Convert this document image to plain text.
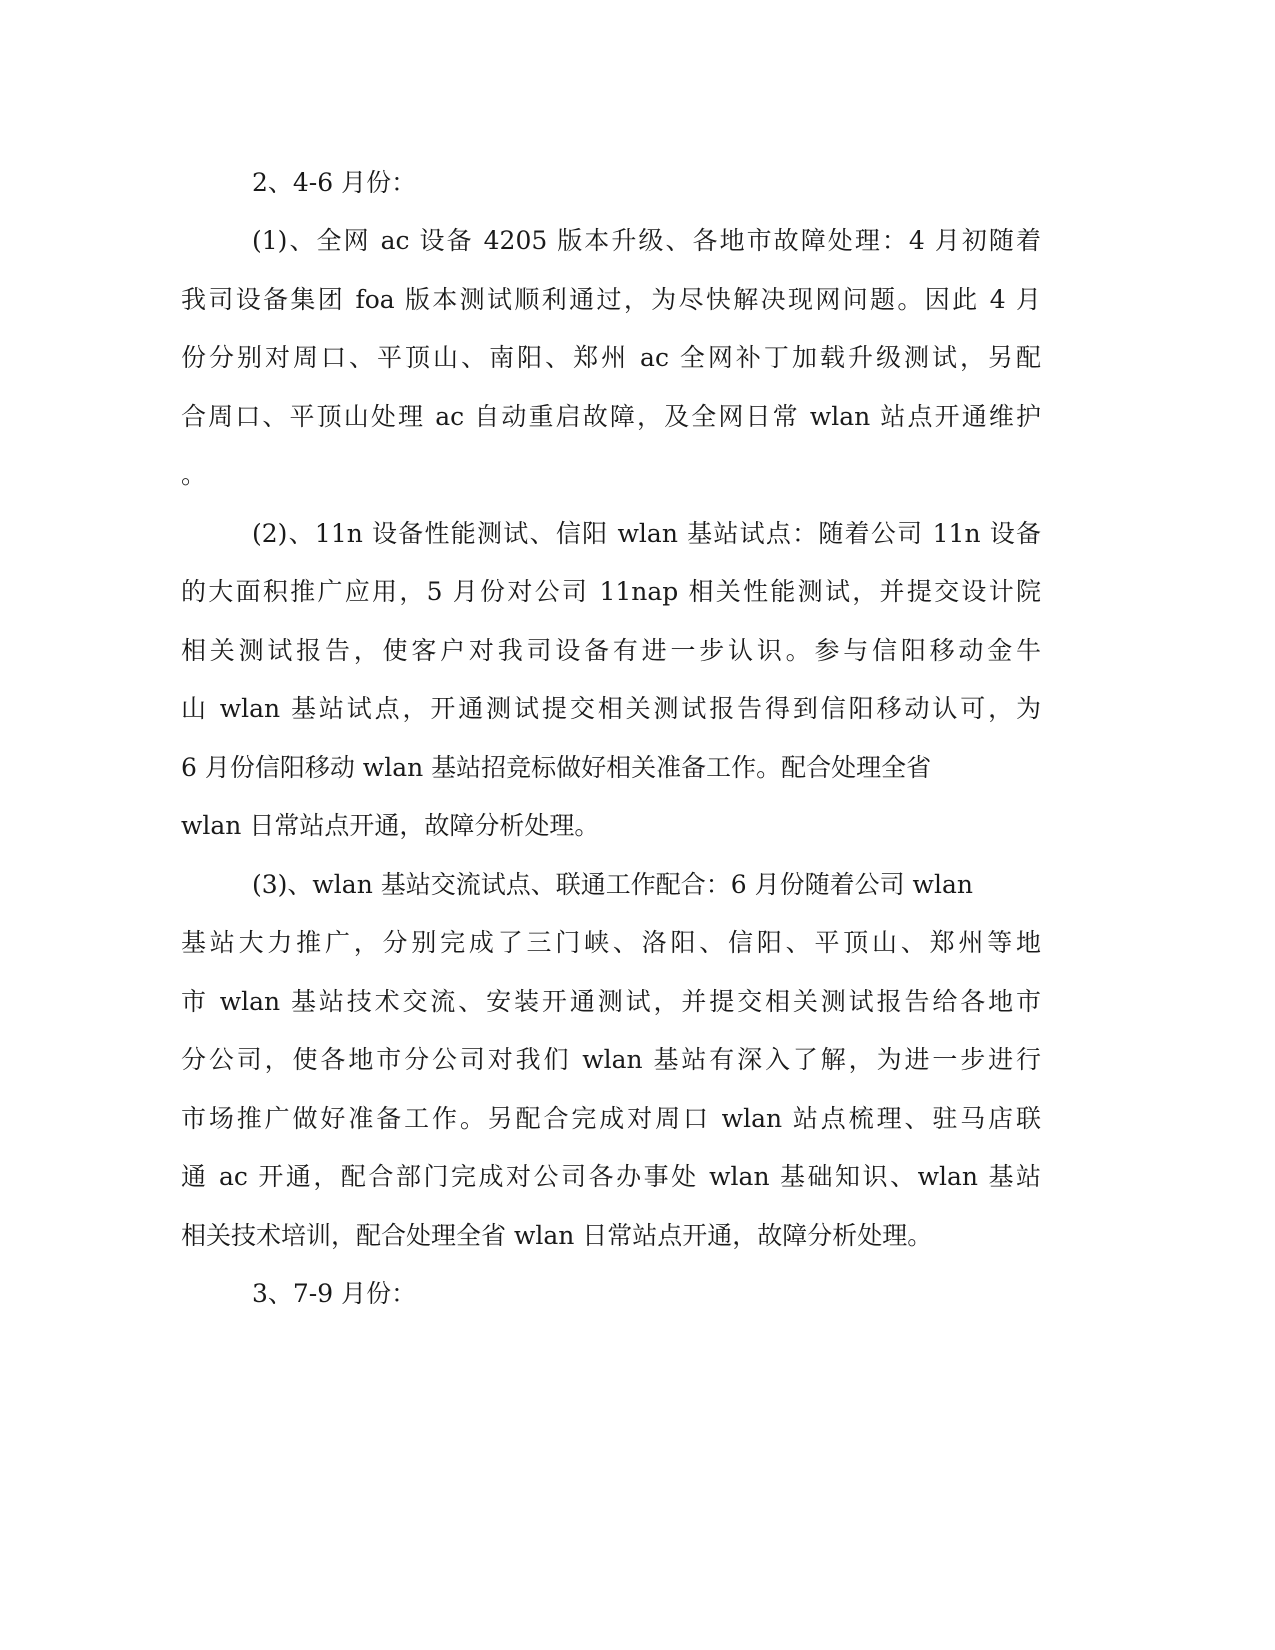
2、4-6 月份：
(1)、全网 ac 设备 4205 版本升级、各地市故障处理：4 月初随着
我司设备集团 foa 版本测试顺利通过，为尽快解决现网问题。因此 4 月
份分别对周口、平顶山、南阳、郑州 ac 全网补丁加载升级测试，另配
合周口、平顶山处理 ac 自动重启故障，及全网日常 wlan 站点开通维护
。
(2)、11n 设备性能测试、信阳 wlan 基站试点：随着公司 11n 设备
的大面积推广应用，5 月份对公司 11nap 相关性能测试，并提交设计院
相关测试报告，使客户对我司设备有进一步认识。参与信阳移动金牛
山 wlan 基站试点，开通测试提交相关测试报告得到信阳移动认可，为
6 月份信阳移动 wlan 基站招竞标做好相关准备工作。配合处理全省
wlan 日常站点开通，故障分析处理。
(3)、wlan 基站交流试点、联通工作配合：6 月份随着公司 wlan
基站大力推广，分别完成了三门峡、洛阳、信阳、平顶山、郑州等地
市 wlan 基站技术交流、安装开通测试，并提交相关测试报告给各地市
分公司，使各地市分公司对我们 wlan 基站有深入了解，为进一步进行
市场推广做好准备工作。另配合完成对周口 wlan 站点梳理、驻马店联
通 ac 开通，配合部门完成对公司各办事处 wlan 基础知识、wlan 基站
相关技术培训，配合处理全省 wlan 日常站点开通，故障分析处理。
3、7-9 月份：
